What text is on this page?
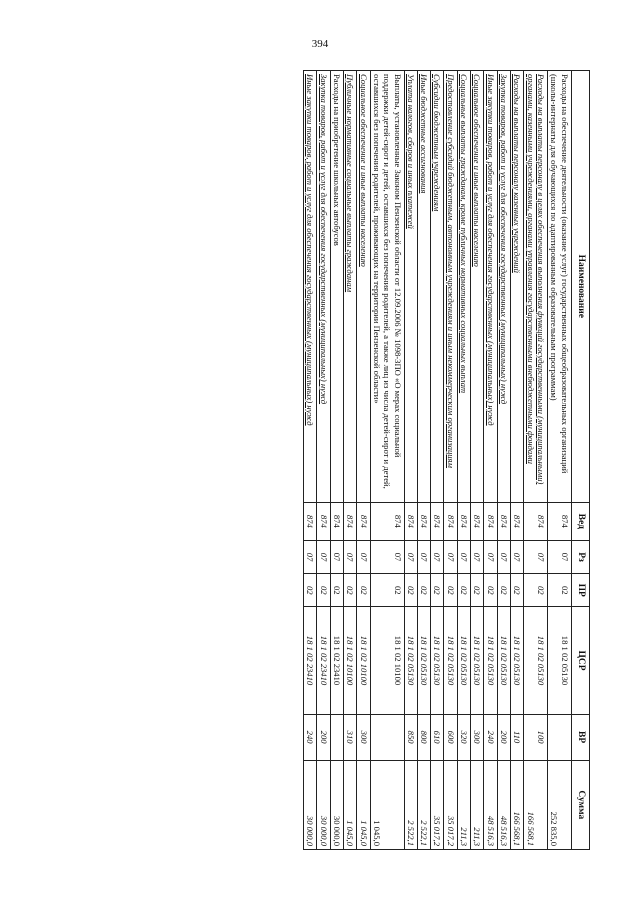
394
Наименование	Вед	Рз	ПР	ЦСР	ВР	Сумма
Расходы на обеспечение деятельности (оказание услуг) государственных общеобразовательных организаций (школы-интернаты для обучающихся по адаптированным образовательным программам)	874	07	02	18 1 02 05130		252 835,0
Расходы на выплаты персоналу в целях обеспечения выполнения функций государственными (муниципальными) органами, казенными учреждениями, органами управления государственными внебюджетными фондами	874	07	02	18 1 02 05130	100	166 568,1
Расходы на выплаты персоналу казенных учреждений	874	07	02	18 1 02 05130	110	166 568,1
Закупка товаров, работ и услуг для обеспечения государственных (муниципальных) нужд	874	07	02	18 1 02 05130	200	48 516,3
Иные закупки товаров, работ и услуг для обеспечения государственных (муниципальных) нужд	874	07	02	18 1 02 05130	240	48 516,3
Социальное обеспечение и иные выплаты населению	874	07	02	18 1 02 05130	300	211,3
Социальные выплаты гражданам, кроме публичных нормативных социальных выплат	874	07	02	18 1 02 05130	320	211,3
Предоставление субсидий бюджетным, автономным учреждениям и иным некоммерческим организациям	874	07	02	18 1 02 05130	600	35 017,2
Субсидии бюджетным учреждениям	874	07	02	18 1 02 05130	610	35 017,2
Иные бюджетные ассигнования	874	07	02	18 1 02 05130	800	2 522,1
Уплата налогов, сборов и иных платежей	874	07	02	18 1 02 05130	850	2 522,1
Выплаты, установленные Законом Пензенской области от 12.09.2006 № 1098-ЗПО «О мерах социальной поддержки детей-сирот и детей, оставшихся без попечения родителей, а также лиц из числа детей-сирот и детей, оставшихся без попечения родителей, проживающих на территории Пензенской области»	874	07	02	18 1 02 10100		1 045,0
Социальное обеспечение и иные выплаты населению	874	07	02	18 1 02 10100	300	1 045,0
Публичные нормативные социальные выплаты гражданам	874	07	02	18 1 02 10100	310	1 045,0
Расходы на приобретение школьных автобусов	874	07	02	18 1 02 23410		30 000,0
Закупка товаров, работ и услуг для обеспечения государственных (муниципальных) нужд	874	07	02	18 1 02 23410	200	30 000,0
Иные закупки товаров, работ и услуг для обеспечения государственных (муниципальных) нужд	874	07	02	18 1 02 23410	240	30 000,0
